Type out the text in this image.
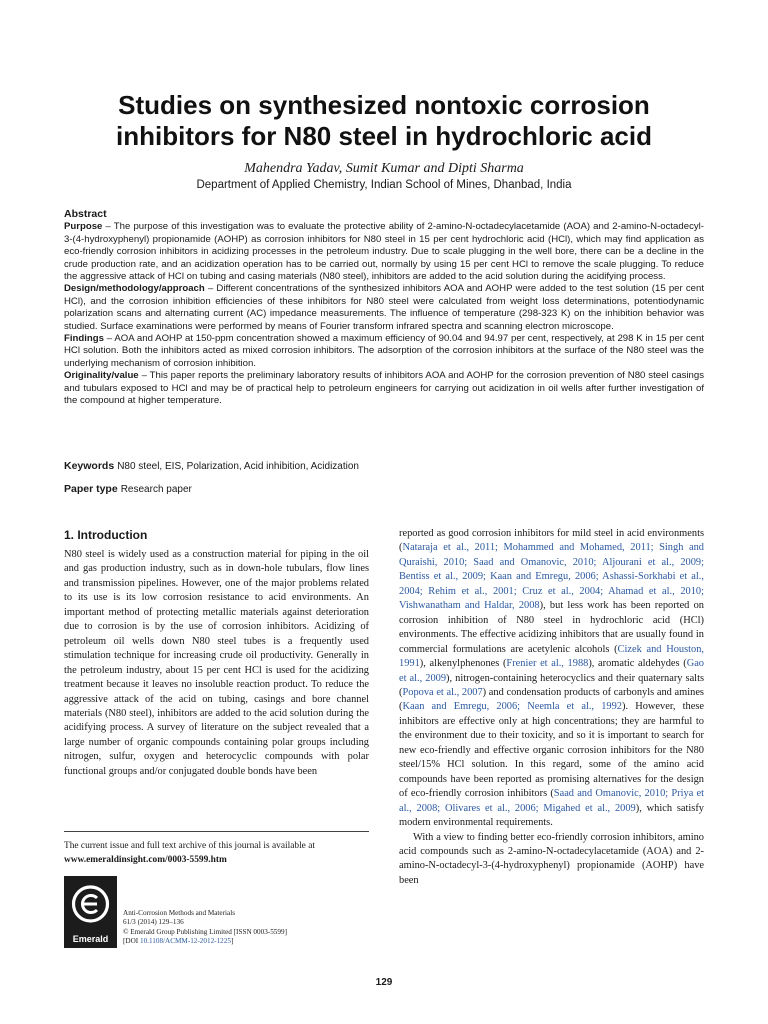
Studies on synthesized nontoxic corrosion inhibitors for N80 steel in hydrochloric acid
Mahendra Yadav, Sumit Kumar and Dipti Sharma
Department of Applied Chemistry, Indian School of Mines, Dhanbad, India
Abstract

Purpose – The purpose of this investigation was to evaluate the protective ability of 2-amino-N-octadecylacetamide (AOA) and 2-amino-N-octadecyl-3-(4-hydroxyphenyl) propionamide (AOHP) as corrosion inhibitors for N80 steel in 15 per cent hydrochloric acid (HCl), which may find application as eco-friendly corrosion inhibitors in acidizing processes in the petroleum industry. Due to scale plugging in the well bore, there can be a decline in the crude production rate, and an acidization operation has to be carried out, normally by using 15 per cent HCl to remove the scale plugging. To reduce the aggressive attack of HCl on tubing and casing materials (N80 steel), inhibitors are added to the acid solution during the acidifying process.

Design/methodology/approach – Different concentrations of the synthesized inhibitors AOA and AOHP were added to the test solution (15 per cent HCl), and the corrosion inhibition efficiencies of these inhibitors for N80 steel were calculated from weight loss determinations, potentiodynamic polarization scans and alternating current (AC) impedance measurements. The influence of temperature (298-323 K) on the inhibition behavior was studied. Surface examinations were performed by means of Fourier transform infrared spectra and scanning electron microscope.

Findings – AOA and AOHP at 150-ppm concentration showed a maximum efficiency of 90.04 and 94.97 per cent, respectively, at 298 K in 15 per cent HCl solution. Both the inhibitors acted as mixed corrosion inhibitors. The adsorption of the corrosion inhibitors at the surface of the N80 steel was the underlying mechanism of corrosion inhibition.

Originality/value – This paper reports the preliminary laboratory results of inhibitors AOA and AOHP for the corrosion prevention of N80 steel casings and tubulars exposed to HCl and may be of practical help to petroleum engineers for carrying out acidization in oil wells after further investigation of the compound at higher temperature.

Keywords N80 steel, EIS, Polarization, Acid inhibition, Acidization
Paper type Research paper
1. Introduction

N80 steel is widely used as a construction material for piping in the oil and gas production industry, such as in down-hole tubulars, flow lines and transmission pipelines. However, one of the major problems related to its use is its low corrosion resistance to acid environments. An important method of protecting metallic materials against deterioration due to corrosion is by the use of corrosion inhibitors. Acidizing of petroleum oil wells down N80 steel tubes is a frequently used stimulation technique for increasing crude oil productivity. Generally in the petroleum industry, about 15 per cent HCl is used for the acidizing treatment because it leaves no insoluble reaction product. To reduce the aggressive attack of the acid on tubing, casings and bore channel materials (N80 steel), inhibitors are added to the acid solution during the acidifying process. A survey of literature on the subject revealed that a large number of organic compounds containing polar groups including nitrogen, sulfur, oxygen and heterocyclic compounds with polar functional groups and/or conjugated double bonds have been

reported as good corrosion inhibitors for mild steel in acid environments (Nataraja et al., 2011; Mohammed and Mohamed, 2011; Singh and Quraishi, 2010; Saad and Omanovic, 2010; Aljourani et al., 2009; Bentiss et al., 2009; Kaan and Emregu, 2006; Ashassi-Sorkhabi et al., 2004; Rehim et al., 2001; Cruz et al., 2004; Ahamad et al., 2010; Vishwanatham and Haldar, 2008), but less work has been reported on corrosion inhibition of N80 steel in hydrochloric acid (HCl) environments. The effective acidizing inhibitors that are usually found in commercial formulations are acetylenic alcohols (Cizek and Houston, 1991), alkenylphenones (Frenier et al., 1988), aromatic aldehydes (Gao et al., 2009), nitrogen-containing heterocyclics and their quaternary salts (Popova et al., 2007) and condensation products of carbonyls and amines (Kaan and Emregu, 2006; Neemla et al., 1992). However, these inhibitors are effective only at high concentrations; they are harmful to the environment due to their toxicity, and so it is important to search for new eco-friendly and effective organic corrosion inhibitors for the N80 steel/15% HCl solution. In this regard, some of the amino acid compounds have been reported as promising alternatives for the design of eco-friendly corrosion inhibitors (Saad and Omanovic, 2010; Priya et al., 2008; Olivares et al., 2006; Migahed et al., 2009), which satisfy modern environmental requirements.

With a view to finding better eco-friendly corrosion inhibitors, amino acid compounds such as 2-amino-N-octadecylacetamide (AOA) and 2-amino-N-octadecyl-3-(4-hydroxyphenyl) propionamide (AOHP) have been

The current issue and full text archive of this journal is available at
www.emeraldinsight.com/0003-5599.htm
Emerald
Anti-Corrosion Methods and Materials
61/3 (2014) 129–136
© Emerald Group Publishing Limited [ISSN 0003-5599]
[DOI 10.1108/ACMM-12-2012-1225]
129
